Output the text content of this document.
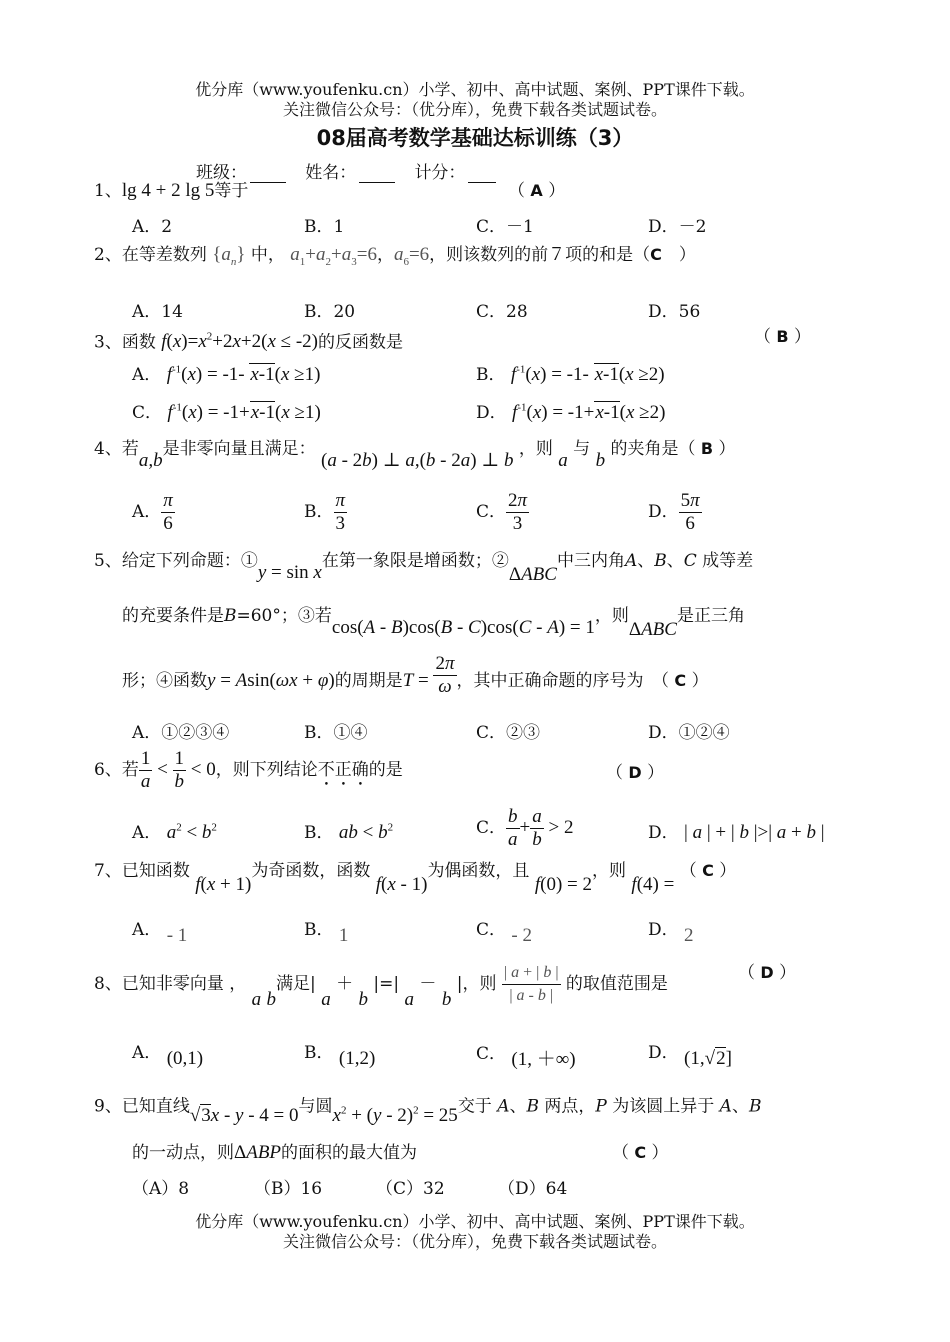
优分库（www.youfenku.cn）小学、初中、高中试题、案例、PPT课件下载。
关注微信公众号：（优分库），免费下载各类试题试卷。
08届高考数学基础达标训练（3）
班级：	姓名：	计分：
1、lg 4 + 2 lg 5等于	（ A ）
A．2	B．1	C．－1	D．－2
2、在等差数列 $\{a_n\}$ 中， $a_1+a_2+a_3=6$，$a_6=6$，则该数列的前７项的和是（C　）
A．14	B．20	C．28	D．56
3、函数 $f(x)=x^2+2x+2(x \le -2)$的反函数是	（ B ）
A． $f^{-1}(x) = -1-$ x-1(x ≥1)	B． $f^{-1}(x) = -1-$ x-1(x ≥2)
C． $f^{-1}(x) = -1+x-1(x \ge 1)$	D． $f^{-1}(x) = -1+x-1(x \ge 2)$
4、若a,b是非零向量且满足： (a - 2b) ⊥ a,(b - 2a) ⊥ b ，则 a 与 b 的夹角是（ B ）
A． $\frac{\pi}{6}$	B． $\frac{\pi}{3}$	C． $\frac{2\pi}{3}$	D． $\frac{5\pi}{6}$
5、给定下列命题：①y = sin x在第一象限是增函数；②ΔABC中三内角A、B、C 成等差
的充要条件是B=60°；③若cos(A - B)cos(B - C)cos(C - A) = 1，则ΔABC是正三角
形；④函数y = Asin(ωx + φ)的周期是$T = \frac{2\pi}{\omega}$ ，其中正确命题的序号为　（ C ）
A．①②③④	B．①④	C．②③	D．①②④
6、若 $\frac{1}{a} < \frac{1}{b} < 0$，则下列结论不正确的是	（ D ）
A． $a^2 < b^2$	B． ab < $b^2$	C． $\frac{b}{a} + \frac{a}{b} > 2$	D． | a | + | b |>| a + b |
7、已知函数 f(x + 1)为奇函数，函数 f(x - 1)为偶函数，且 f(0) = 2，则 f(4) = （ C ）
A． - 1	B． 1	C． - 2	D． 2
8、已知非零向量 ， a b满足| a ＋ b |=| a － b |，则 $\frac{| a + | b |}{| a - b |}$ 的取值范围是
（ D ）
A． (0,1)	B． (1,2)	C． (1, ＋∞)	D． (1,√2]
9、已知直线√3x - y - 4 = 0与圆$x^2 + (y - 2)^2 = 25$交于 A、B 两点，P 为该圆上异于 A、B
的一动点，则ΔABP的面积的最大值为	（ C ）
（A）8	（B）16	（C）32	（D）64
优分库（www.youfenku.cn）小学、初中、高中试题、案例、PPT课件下载。
关注微信公众号：（优分库），免费下载各类试题试卷。
